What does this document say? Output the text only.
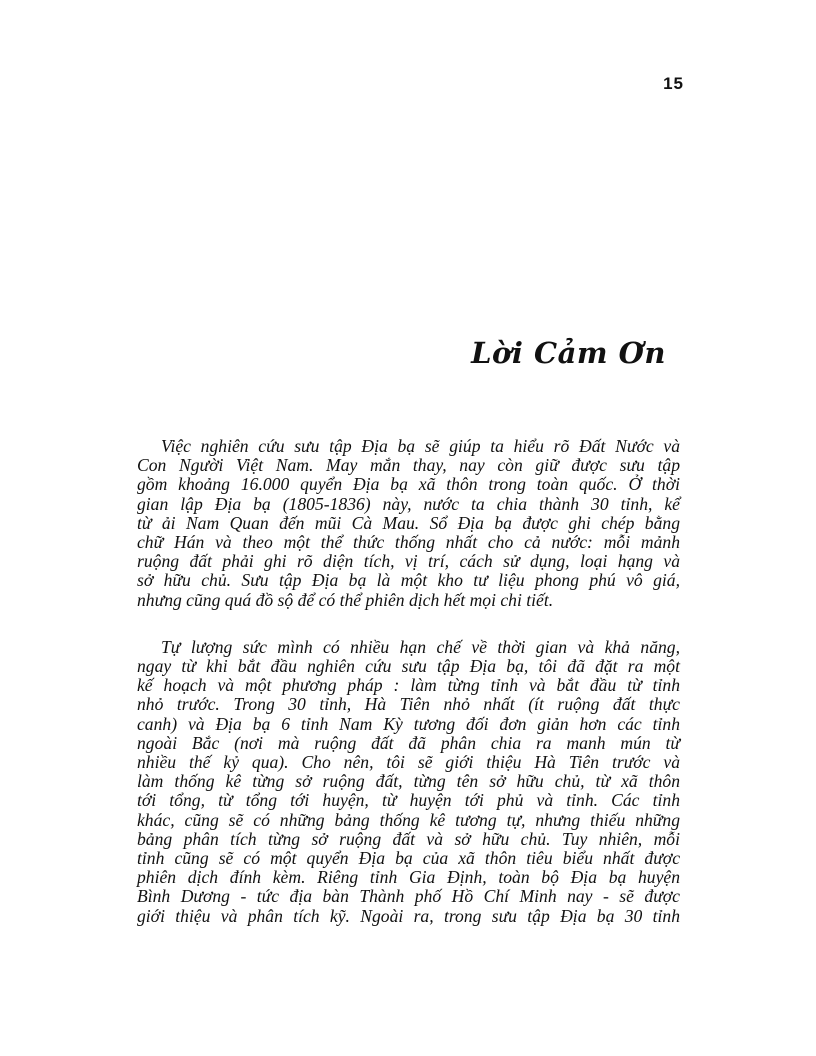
15
Lời Cảm Ơn

Việc nghiên cứu sưu tập Địa bạ sẽ giúp ta hiểu rõ Đất Nước và
Con Người Việt Nam. May mắn thay, nay còn giữ được sưu tập
gồm khoảng 16.000 quyển Địa bạ xã thôn trong toàn quốc. Ở thời
gian lập Địa bạ (1805-1836) này, nước ta chia thành 30 tỉnh, kể
từ ải Nam Quan đến mũi Cà Mau. Sổ Địa bạ được ghi chép bằng
chữ Hán và theo một thể thức thống nhất cho cả nước: mỗi mảnh
ruộng đất phải ghi rõ diện tích, vị trí, cách sử dụng, loại hạng và
sở hữu chủ. Sưu tập Địa bạ là một kho tư liệu phong phú vô giá,
nhưng cũng quá đồ sộ để có thể phiên dịch hết mọi chi tiết.

Tự lượng sức mình có nhiều hạn chế về thời gian và khả năng,
ngay từ khi bắt đầu nghiên cứu sưu tập Địa bạ, tôi đã đặt ra một
kế hoạch và một phương pháp : làm từng tỉnh và bắt đầu từ tỉnh
nhỏ trước. Trong 30 tỉnh, Hà Tiên nhỏ nhất (ít ruộng đất thực
canh) và Địa bạ 6 tỉnh Nam Kỳ tương đối đơn giản hơn các tỉnh
ngoài Bắc (nơi mà ruộng đất đã phân chia ra manh mún từ
nhiều thế kỷ qua). Cho nên, tôi sẽ giới thiệu Hà Tiên trước và
làm thống kê từng sở ruộng đất, từng tên sở hữu chủ, từ xã thôn
tới tổng, từ tổng tới huyện, từ huyện tới phủ và tỉnh. Các tỉnh
khác, cũng sẽ có những bảng thống kê tương tự, nhưng thiếu những
bảng phân tích từng sở ruộng đất và sở hữu chủ. Tuy nhiên, mỗi
tỉnh cũng sẽ có một quyển Địa bạ của xã thôn tiêu biểu nhất được
phiên dịch đính kèm. Riêng tỉnh Gia Định, toàn bộ Địa bạ huyện
Bình Dương - tức địa bàn Thành phố Hồ Chí Minh nay - sẽ được
giới thiệu và phân tích kỹ. Ngoài ra, trong sưu tập Địa bạ 30 tỉnh
